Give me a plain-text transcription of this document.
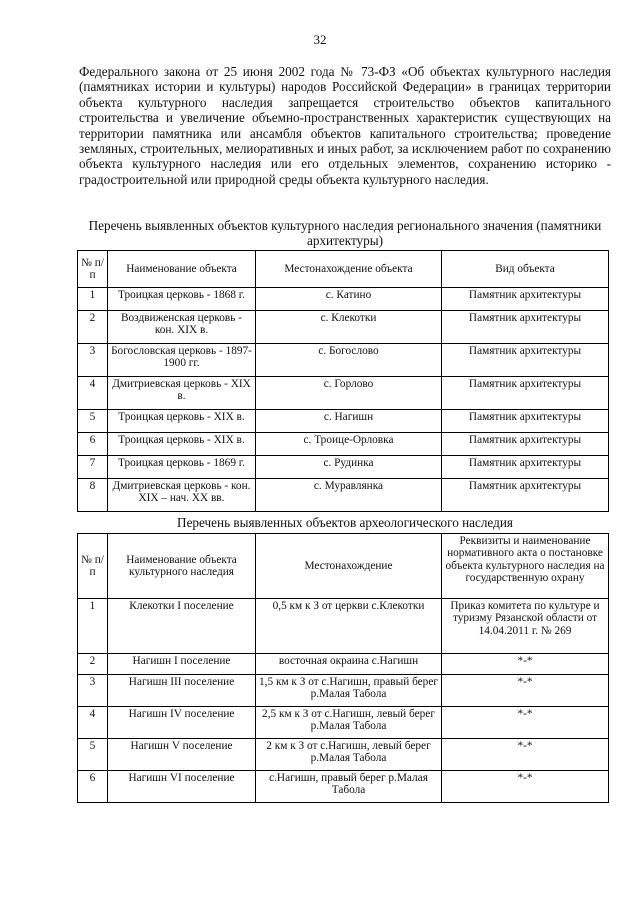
32

Федерального закона от 25 июня 2002 года № 73-ФЗ «Об объектах культурного наследия (памятниках истории и культуры) народов Российской Федерации» в границах территории объекта культурного наследия запрещается строительство объектов капитального строительства и увеличение объемно-пространственных характеристик существующих на территории памятника или ансамбля объектов капитального строительства; проведение земляных, строительных, мелиоративных и иных работ, за исключением работ по сохранению объекта культурного наследия или его отдельных элементов, сохранению историко - градостроительной или природной среды объекта культурного наследия.

Перечень выявленных объектов культурного наследия регионального значения (памятники архитектуры)

№ п/п	Наименование объекта	Местонахождение объекта	Вид объекта
1	Троицкая церковь - 1868 г.	с. Катино	Памятник архитектуры
2	Воздвиженская церковь - кон. XIX в.	с. Клекотки	Памятник архитектуры
3	Богословская церковь - 1897-1900 гг.	с. Богослово	Памятник архитектуры
4	Дмитриевская церковь - XIX в.	с. Горлово	Памятник архитектуры
5	Троицкая церковь - XIX в.	с. Нагишн	Памятник архитектуры
6	Троицкая церковь - XIX в.	с. Троице-Орловка	Памятник архитектуры
7	Троицкая церковь - 1869 г.	с. Рудинка	Памятник архитектуры
8	Дмитриевская церковь - кон. XIX – нач. XX вв.	с. Муравлянка	Памятник архитектуры

Перечень выявленных объектов археологического наследия

№ п/п	Наименование объекта культурного наследия	Местонахождение	Реквизиты и наименование нормативного акта о постановке объекта культурного наследия на государственную охрану
1	Клекотки I поселение	0,5 км к З от церкви с.Клекотки	Приказ комитета по культуре и туризму Рязанской области от 14.04.2011 г. № 269
2	Нагишн I поселение	восточная окраина с.Нагишн	*-*
3	Нагишн III поселение	1,5 км к З от с.Нагишн, правый берег р.Малая Табола	*-*
4	Нагишн IV поселение	2,5 км к З от с.Нагишн, левый берег р.Малая Табола	*-*
5	Нагишн V поселение	2 км к З от с.Нагишн, левый берег р.Малая Табола	*-*
6	Нагишн VI поселение	с.Нагишн, правый берег р.Малая Табола	*-*
